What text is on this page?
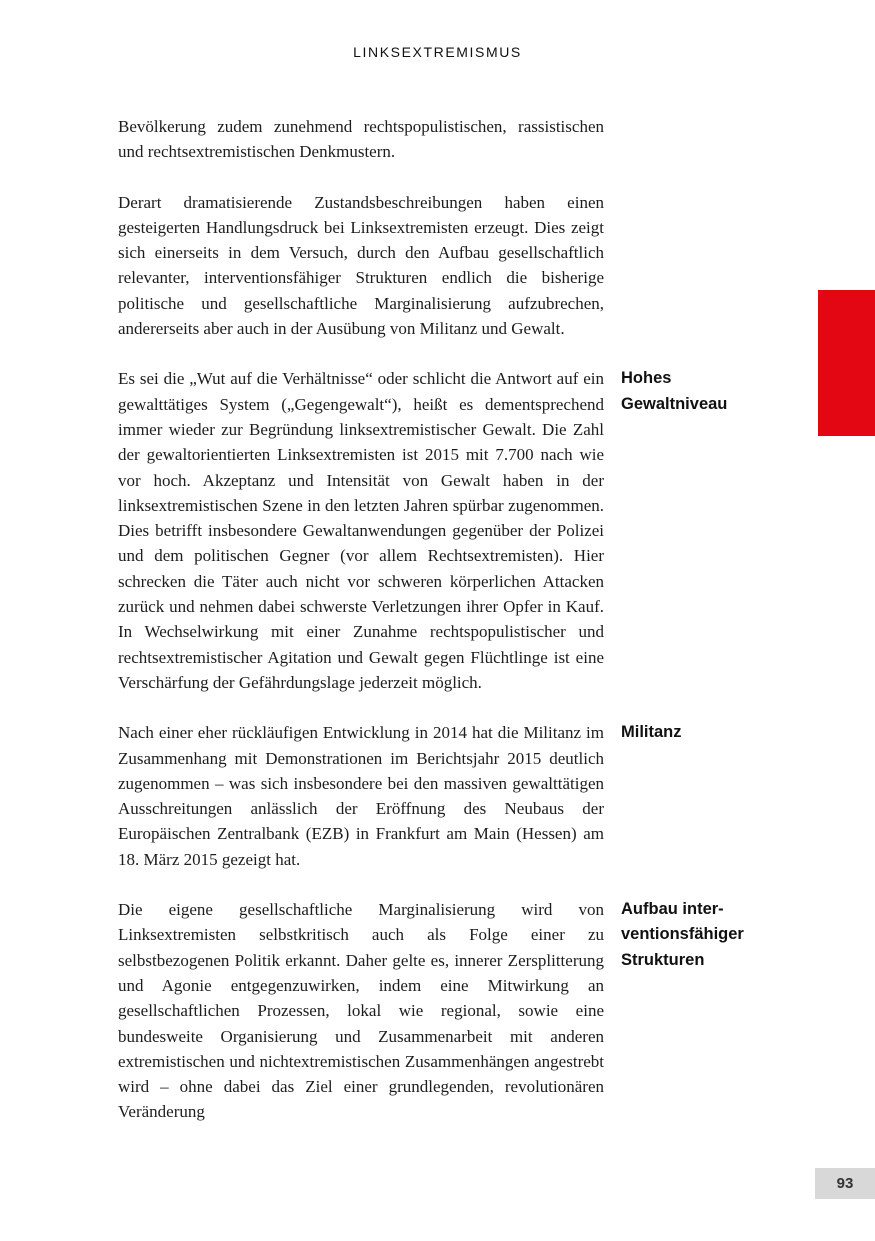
LINKSEXTREMISMUS

Bevölkerung zudem zunehmend rechtspopulistischen, rassistischen und rechtsextremistischen Denkmustern.

Derart dramatisierende Zustandsbeschreibungen haben einen gesteigerten Handlungsdruck bei Linksextremisten erzeugt. Dies zeigt sich einerseits in dem Versuch, durch den Aufbau gesellschaftlich relevanter, interventionsfähiger Strukturen endlich die bisherige politische und gesellschaftliche Marginalisierung aufzubrechen, andererseits aber auch in der Ausübung von Militanz und Gewalt.

Es sei die „Wut auf die Verhältnisse“ oder schlicht die Antwort auf ein gewalttätiges System („Gegengewalt“), heißt es dementsprechend immer wieder zur Begründung linksextremistischer Gewalt. Die Zahl der gewaltorientierten Linksextremisten ist 2015 mit 7.700 nach wie vor hoch. Akzeptanz und Intensität von Gewalt haben in der linksextremistischen Szene in den letzten Jahren spürbar zugenommen. Dies betrifft insbesondere Gewaltanwendungen gegenüber der Polizei und dem politischen Gegner (vor allem Rechtsextremisten). Hier schrecken die Täter auch nicht vor schweren körperlichen Attacken zurück und nehmen dabei schwerste Verletzungen ihrer Opfer in Kauf. In Wechselwirkung mit einer Zunahme rechtspopulistischer und rechtsextremistischer Agitation und Gewalt gegen Flüchtlinge ist eine Verschärfung der Gefährdungslage jederzeit möglich.

Hohes Gewaltniveau

Nach einer eher rückläufigen Entwicklung in 2014 hat die Militanz im Zusammenhang mit Demonstrationen im Berichtsjahr 2015 deutlich zugenommen – was sich insbesondere bei den massiven gewalttätigen Ausschreitungen anlässlich der Eröffnung des Neubaus der Europäischen Zentralbank (EZB) in Frankfurt am Main (Hessen) am 18. März 2015 gezeigt hat.

Militanz

Die eigene gesellschaftliche Marginalisierung wird von Linksextremisten selbstkritisch auch als Folge einer zu selbstbezogenen Politik erkannt. Daher gelte es, innerer Zersplitterung und Agonie entgegenzuwirken, indem eine Mitwirkung an gesellschaftlichen Prozessen, lokal wie regional, sowie eine bundesweite Organisierung und Zusammenarbeit mit anderen extremistischen und nichtextremistischen Zusammenhängen angestrebt wird – ohne dabei das Ziel einer grundlegenden, revolutionären Veränderung

Aufbau inter-ventionsfähiger Strukturen
93
